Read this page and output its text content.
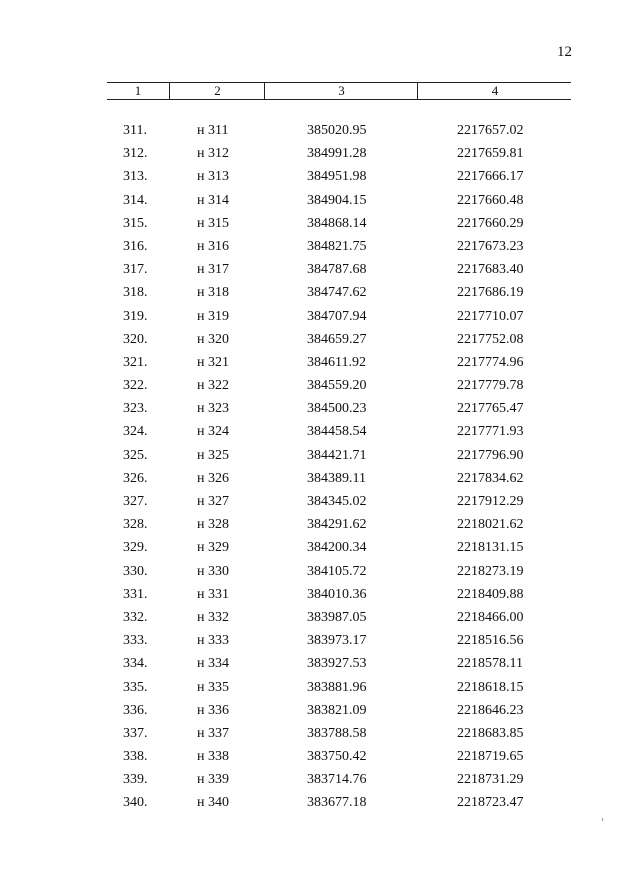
12
1	2	3	4
311.	н 311	385020.95	2217657.02
312.	н 312	384991.28	2217659.81
313.	н 313	384951.98	2217666.17
314.	н 314	384904.15	2217660.48
315.	н 315	384868.14	2217660.29
316.	н 316	384821.75	2217673.23
317.	н 317	384787.68	2217683.40
318.	н 318	384747.62	2217686.19
319.	н 319	384707.94	2217710.07
320.	н 320	384659.27	2217752.08
321.	н 321	384611.92	2217774.96
322.	н 322	384559.20	2217779.78
323.	н 323	384500.23	2217765.47
324.	н 324	384458.54	2217771.93
325.	н 325	384421.71	2217796.90
326.	н 326	384389.11	2217834.62
327.	н 327	384345.02	2217912.29
328.	н 328	384291.62	2218021.62
329.	н 329	384200.34	2218131.15
330.	н 330	384105.72	2218273.19
331.	н 331	384010.36	2218409.88
332.	н 332	383987.05	2218466.00
333.	н 333	383973.17	2218516.56
334.	н 334	383927.53	2218578.11
335.	н 335	383881.96	2218618.15
336.	н 336	383821.09	2218646.23
337.	н 337	383788.58	2218683.85
338.	н 338	383750.42	2218719.65
339.	н 339	383714.76	2218731.29
340.	н 340	383677.18	2218723.47
